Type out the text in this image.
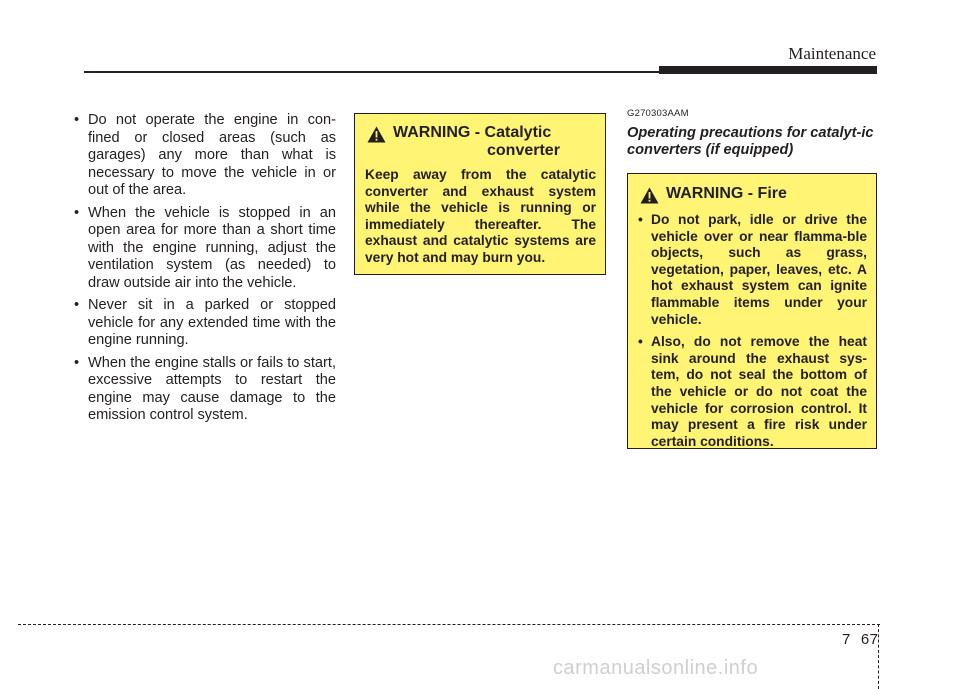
Maintenance
• Do not operate the engine in con-fined or closed areas (such as garages) any more than what is necessary to move the vehicle in or out of the area.
• When the vehicle is stopped in an open area for more than a short time with the engine running, adjust the ventilation system (as needed) to draw outside air into the vehicle.
• Never sit in a parked or stopped vehicle for any extended time with the engine running.
• When the engine stalls or fails to start, excessive attempts to restart the engine may cause damage to the emission control system.
WARNING - Catalytic
converter
Keep away from the catalytic converter and exhaust system while the vehicle is running or immediately thereafter. The exhaust and catalytic systems are very hot and may burn you.
G270303AAM
Operating precautions for catalyt-ic converters (if equipped)
WARNING - Fire
• Do not park, idle or drive the vehicle over or near flamma-ble objects, such as grass, vegetation, paper, leaves, etc. A hot exhaust system can ignite flammable items under your vehicle.
• Also, do not remove the heat sink around the exhaust sys-tem, do not seal the bottom of the vehicle or do not coat the vehicle for corrosion control. It may present a fire risk under certain conditions.
7 67
carmanualsonline.info
